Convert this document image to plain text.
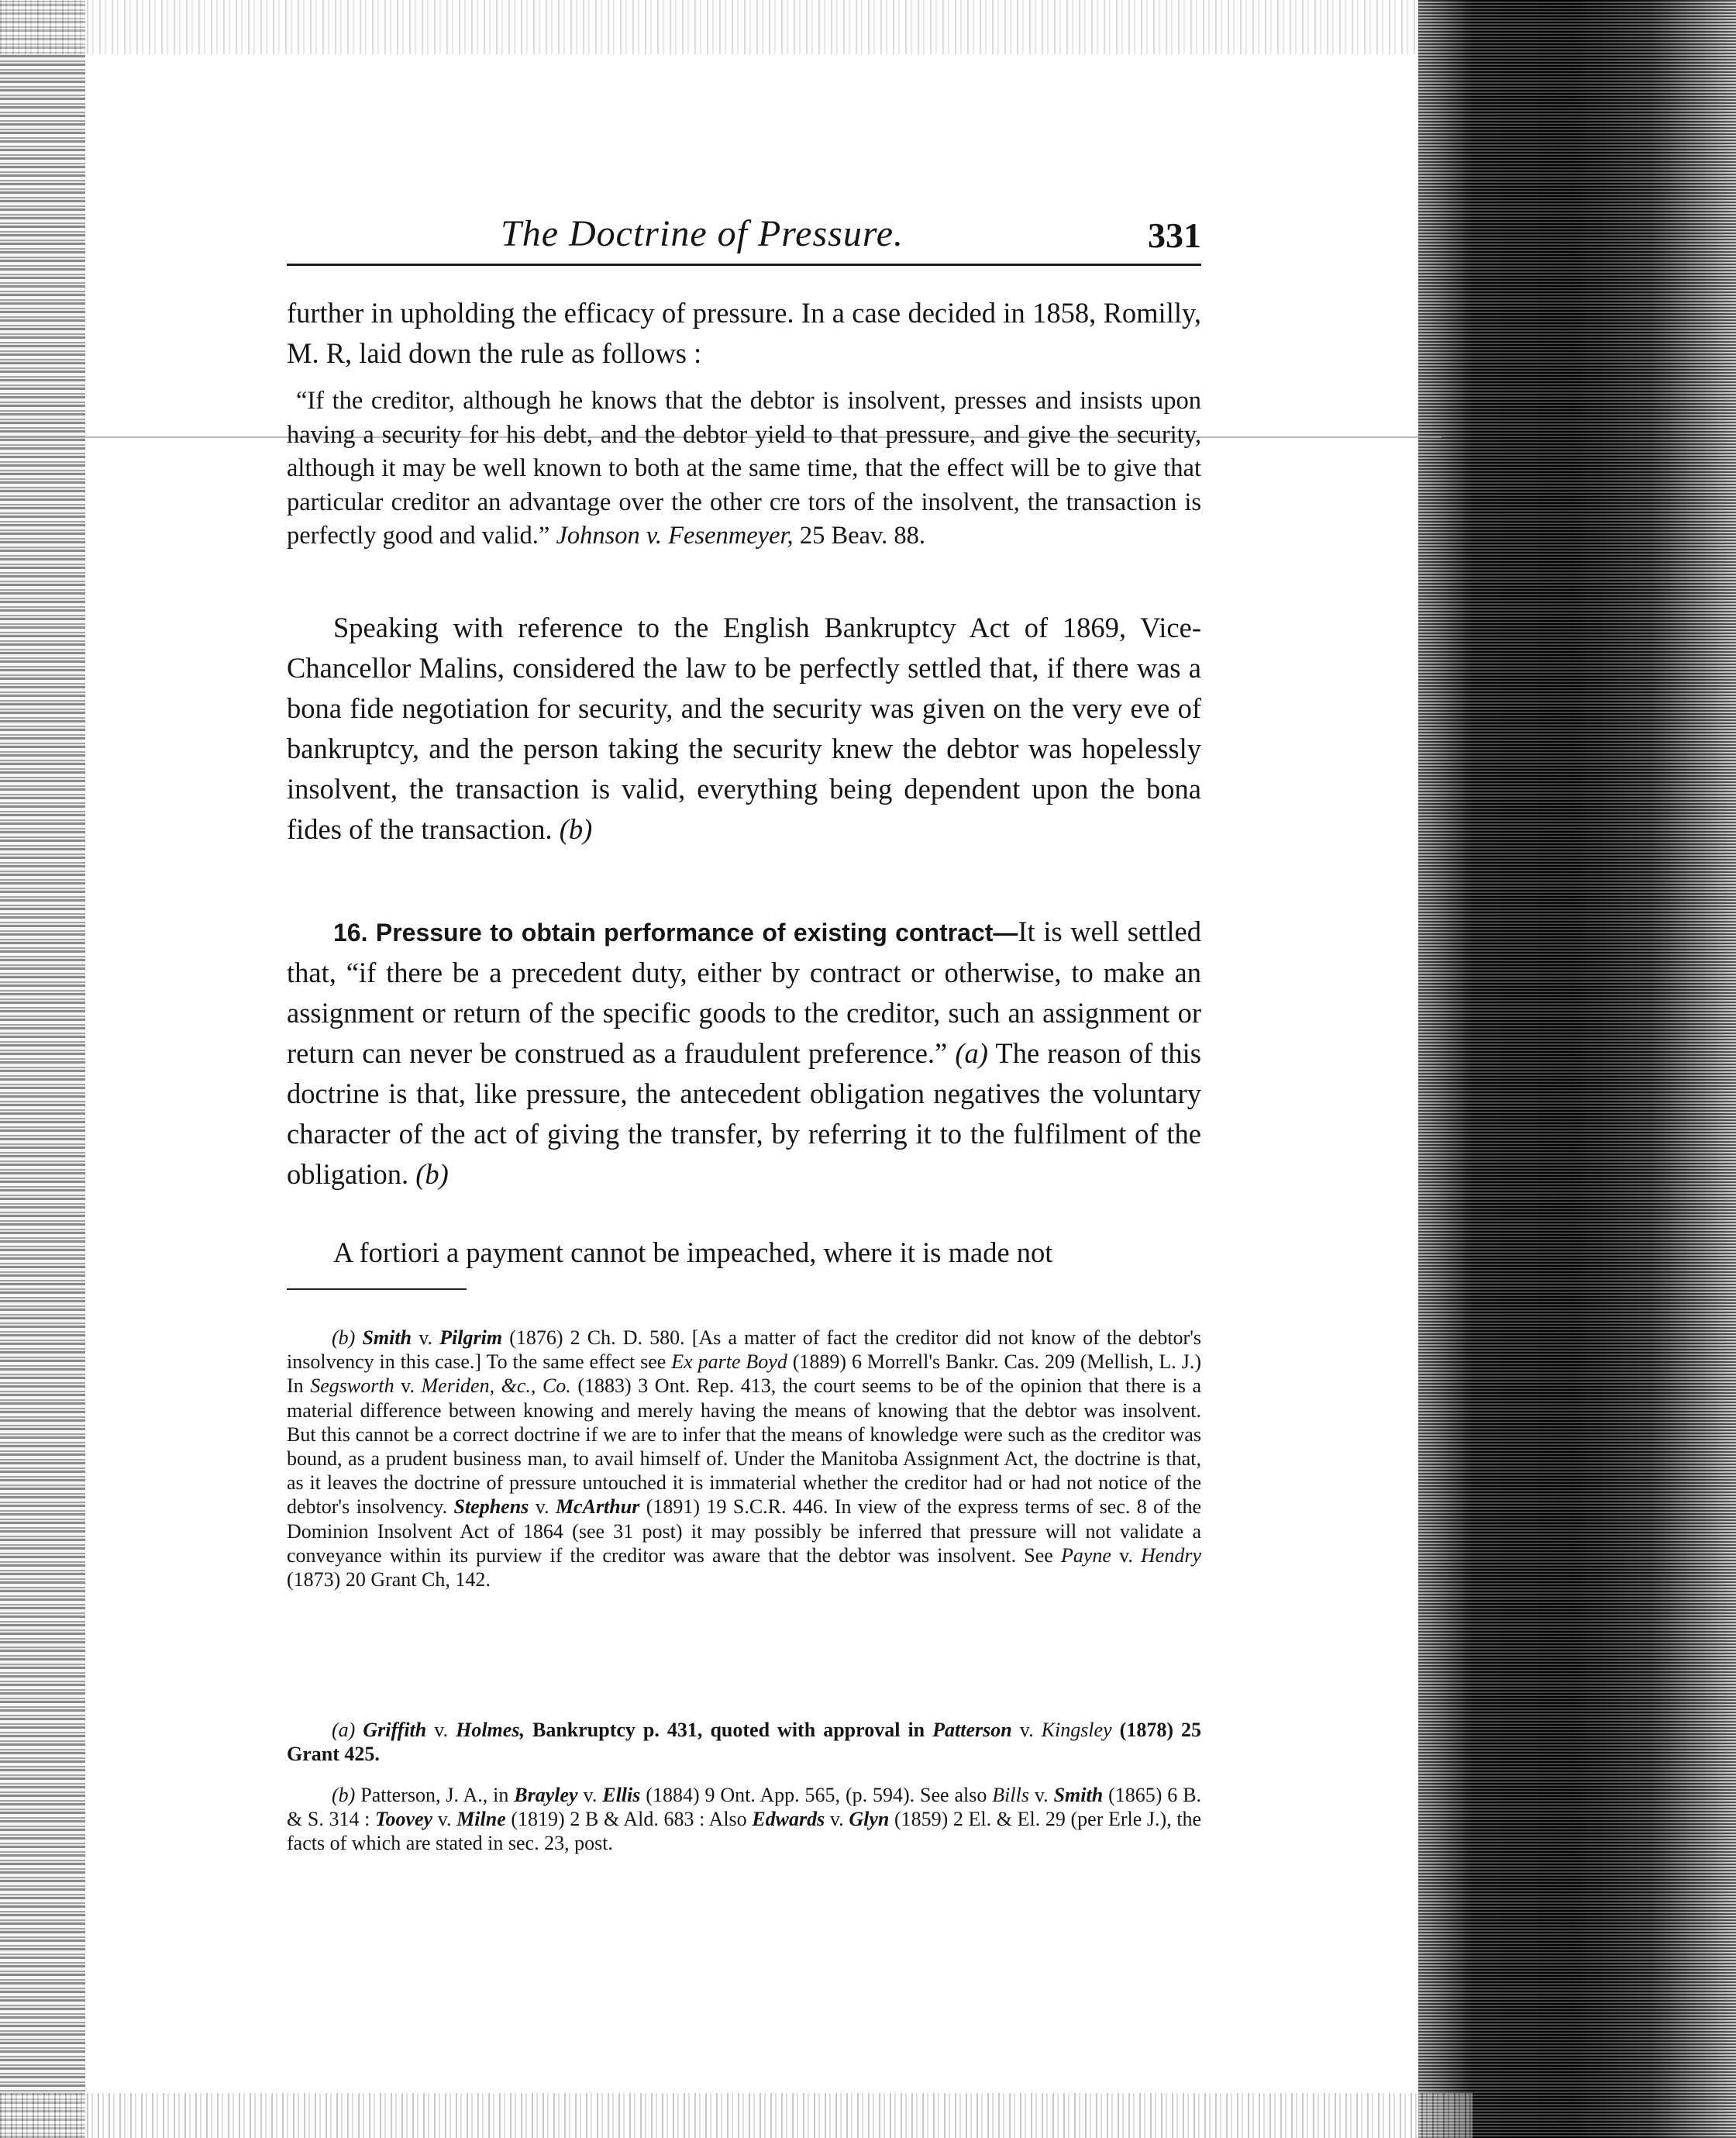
The Doctrine of Pressure.	331

further in upholding the efficacy of pressure. In a case decided in 1858, Romilly, M. R, laid down the rule as follows :

“If the creditor, although he knows that the debtor is insolvent, presses and insists upon having a security for his debt, and the debtor yield to that pressure, and give the security, although it may be well known to both at the same time, that the effect will be to give that particular creditor an advantage over the other cre tors of the insolvent, the transaction is perfectly good and valid.” Johnson v. Fesenmeyer, 25 Beav. 88.

Speaking with reference to the English Bankruptcy Act of 1869, Vice-Chancellor Malins, considered the law to be perfectly settled that, if there was a bona fide negotiation for security, and the security was given on the very eve of bankruptcy, and the person taking the security knew the debtor was hopelessly insolvent, the transaction is valid, everything being dependent upon the bona fides of the transaction. (b)

16. Pressure to obtain performance of existing contract—It is well settled that, “if there be a precedent duty, either by contract or otherwise, to make an assignment or return of the specific goods to the creditor, such an assignment or return can never be construed as a fraudulent preference.” (a) The reason of this doctrine is that, like pressure, the antecedent obligation negatives the voluntary character of the act of giving the transfer, by referring it to the fulfilment of the obligation. (b)

A fortiori a payment cannot be impeached, where it is made not

(b) Smith v. Pilgrim (1876) 2 Ch. D. 580. [As a matter of fact the creditor did not know of the debtor's insolvency in this case.] To the same effect see Ex parte Boyd (1889) 6 Morrell's Bankr. Cas. 209 (Mellish, L. J.) In Segsworth v. Meriden, &c., Co. (1883) 3 Ont. Rep. 413, the court seems to be of the opinion that there is a material difference between knowing and merely having the means of knowing that the debtor was insolvent. But this cannot be a correct doctrine if we are to infer that the means of knowledge were such as the creditor was bound, as a prudent business man, to avail himself of. Under the Manitoba Assignment Act, the doctrine is that, as it leaves the doctrine of pressure untouched it is immaterial whether the creditor had or had not notice of the debtor's insolvency. Stephens v. McArthur (1891) 19 S.C.R. 446. In view of the express terms of sec. 8 of the Dominion Insolvent Act of 1864 (see 31 post) it may possibly be inferred that pressure will not validate a conveyance within its purview if the creditor was aware that the debtor was insolvent. See Payne v. Hendry (1873) 20 Grant Ch, 142.

(a) Griffith v. Holmes, Bankruptcy p. 431, quoted with approval in Patterson v. Kingsley (1878) 25 Grant 425.

(b) Patterson, J. A., in Brayley v. Ellis (1884) 9 Ont. App. 565, (p. 594). See also Bills v. Smith (1865) 6 B. & S. 314 : Toovey v. Milne (1819) 2 B & Ald. 683 : Also Edwards v. Glyn (1859) 2 El. & El. 29 (per Erle J.), the facts of which are stated in sec. 23, post.
